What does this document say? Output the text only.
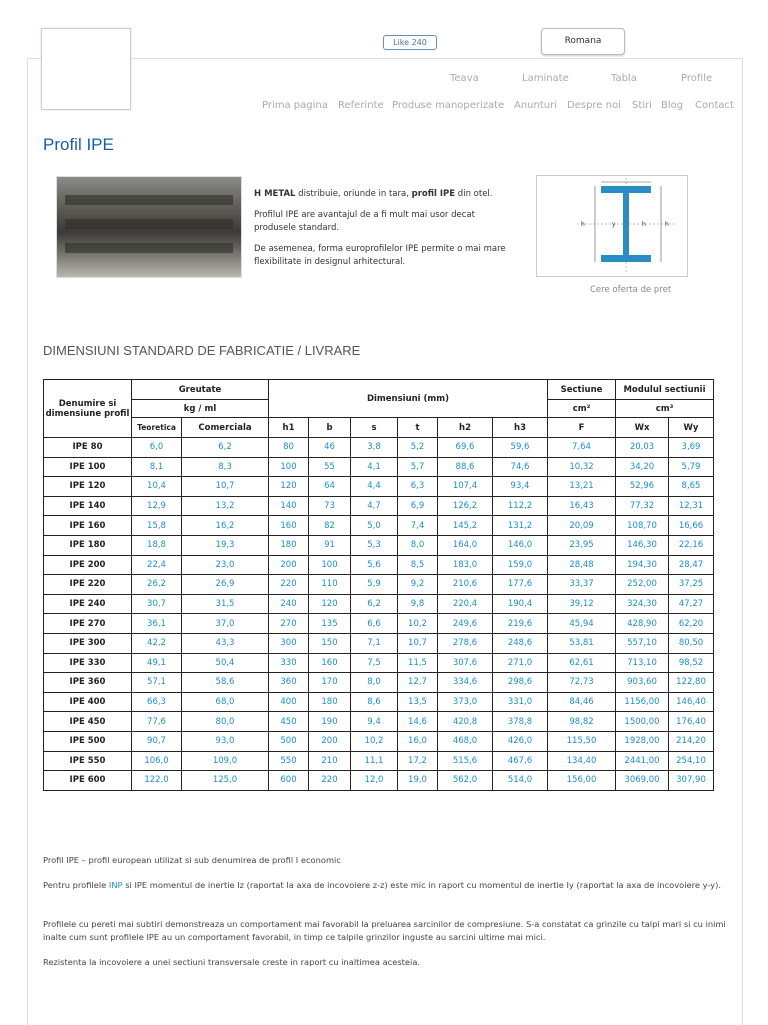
Like 240	Romana
Teava	Laminate	Tabla	Profile
Prima pagina Referinte Produse manoperizate Anunturi Despre noi Stiri Blog Contact
Profil IPE

H METAL distribuie, oriunde in tara, profil IPE din otel.

Profilul IPE are avantajul de a fi mult mai usor decat produsele standard.

De asemenea, forma europrofilelor IPE permite o mai mare flexibilitate in designul arhitectural.

h	y	h	h
Cere oferta de pret
DIMENSIUNI STANDARD DE FABRICATIE / LIVRARE
Denumire si dimensiune profil	Greutate		Dimensiuni (mm)						Sectiune	Modulul sectiunii	
	kg / ml								cm²	cm³	
	Teoretica	Comerciala	h1	b	s	t	h2	h3	F	Wx	Wy
IPE 80	6,0	6,2	80	46	3,8	5,2	69,6	59,6	7,64	20,03	3,69
IPE 100	8,1	8,3	100	55	4,1	5,7	88,6	74,6	10,32	34,20	5,79
IPE 120	10,4	10,7	120	64	4,4	6,3	107,4	93,4	13,21	52,96	8,65
IPE 140	12,9	13,2	140	73	4,7	6,9	126,2	112,2	16,43	77,32	12,31
IPE 160	15,8	16,2	160	82	5,0	7,4	145,2	131,2	20,09	108,70	16,66
IPE 180	18,8	19,3	180	91	5,3	8,0	164,0	146,0	23,95	146,30	22,16
IPE 200	22,4	23,0	200	100	5,6	8,5	183,0	159,0	28,48	194,30	28,47
IPE 220	26,2	26,9	220	110	5,9	9,2	210,6	177,6	33,37	252,00	37,25
IPE 240	30,7	31,5	240	120	6,2	9,8	220,4	190,4	39,12	324,30	47,27
IPE 270	36,1	37,0	270	135	6,6	10,2	249,6	219,6	45,94	428,90	62,20
IPE 300	42,2	43,3	300	150	7,1	10,7	278,6	248,6	53,81	557,10	80,50
IPE 330	49,1	50,4	330	160	7,5	11,5	307,6	271,0	62,61	713,10	98,52
IPE 360	57,1	58,6	360	170	8,0	12,7	334,6	298,6	72,73	903,60	122,80
IPE 400	66,3	68,0	400	180	8,6	13,5	373,0	331,0	84,46	1156,00	146,40
IPE 450	77,6	80,0	450	190	9,4	14,6	420,8	378,8	98,82	1500,00	176,40
IPE 500	90,7	93,0	500	200	10,2	16,0	468,0	426,0	115,50	1928,00	214,20
IPE 550	106,0	109,0	550	210	11,1	17,2	515,6	467,6	134,40	2441,00	254,10
IPE 600	122,0	125,0	600	220	12,0	19,0	562,0	514,0	156,00	3069,00	307,90
Profil IPE – profil european utilizat si sub denumirea de profil I economic
Pentru profilele INP si IPE momentul de inertie Iz (raportat la axa de incovoiere z-z) este mic in raport cu momentul de inertie Iy (raportat la axa de incovoiere y-y).
Profilele cu pereti mai subtiri demonstreaza un comportament mai favorabil la preluarea sarcinilor de compresiune. S-a constatat ca grinzile cu talpi mari si cu inimi inalte cum sunt profilele IPE au un comportament favorabil, in timp ce talpile grinzilor inguste au sarcini ultime mai mici.
Rezistenta la incovoiere a unei sectiuni transversale creste in raport cu inaltimea acesteia.
